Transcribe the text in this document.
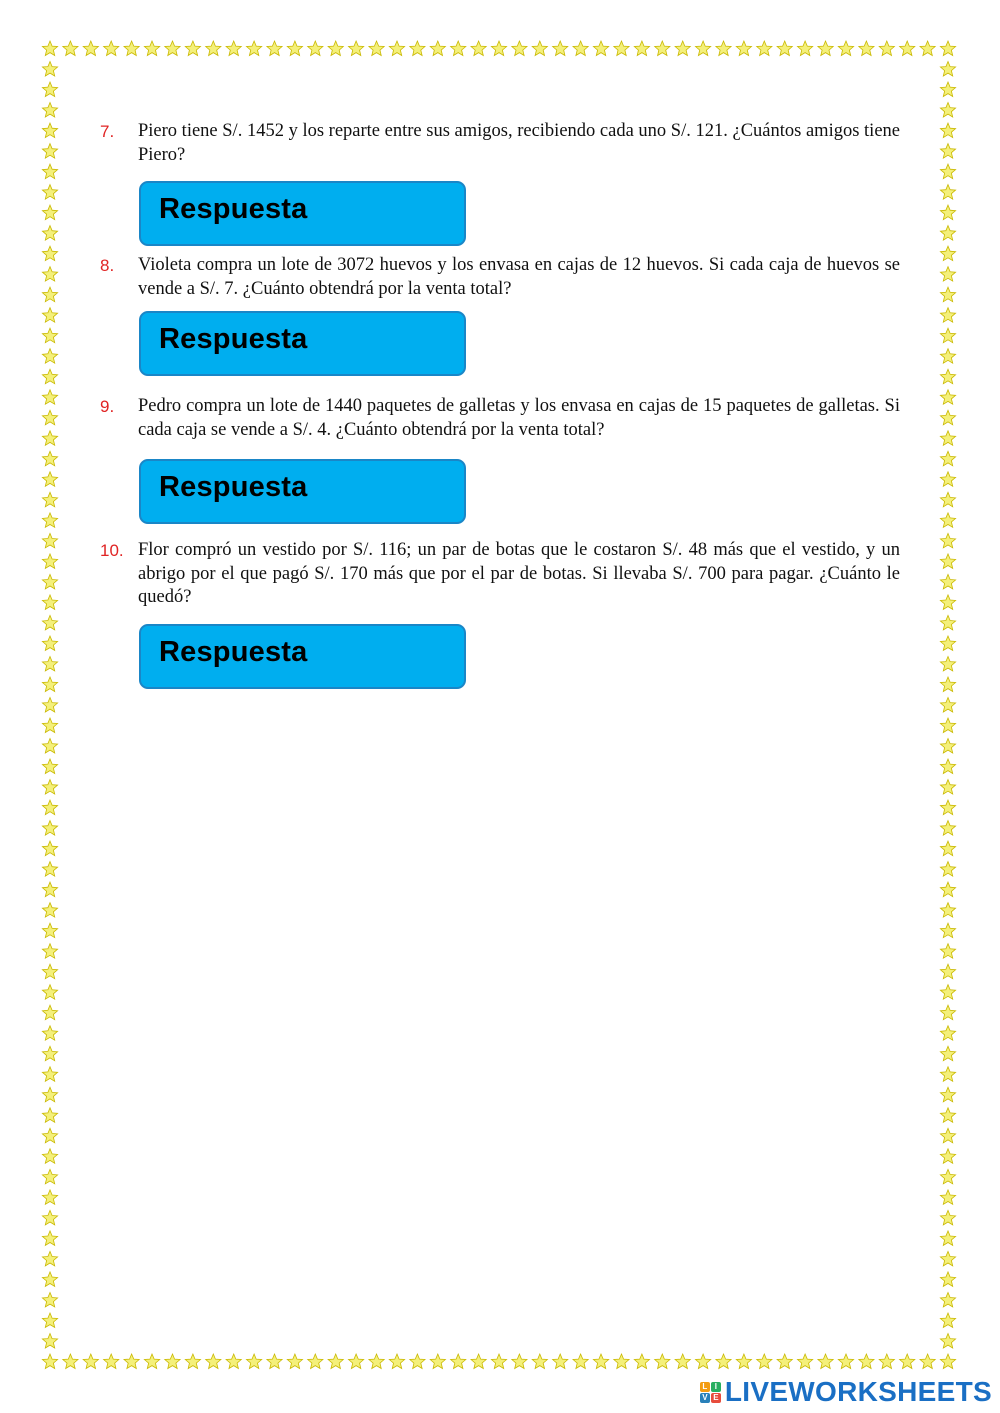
7. Piero tiene S/. 1452 y los reparte entre sus amigos, recibiendo cada uno S/. 121. ¿Cuántos amigos tiene Piero?
Respuesta
8. Violeta compra un lote de 3072 huevos y los envasa en cajas de 12 huevos. Si cada caja de huevos se vende a S/. 7. ¿Cuánto obtendrá por la venta total?
Respuesta
9. Pedro compra un lote de 1440 paquetes de galletas y los envasa en cajas de 15 paquetes de galletas. Si cada caja se vende a S/. 4. ¿Cuánto obtendrá por la venta total?
Respuesta
10. Flor compró un vestido por S/. 116; un par de botas que le costaron S/. 48 más que el vestido, y un abrigo por el que pagó S/. 170 más que por el par de botas. Si llevaba S/. 700 para pagar. ¿Cuánto le quedó?
Respuesta
L I
V E LIVEWORKSHEETS
